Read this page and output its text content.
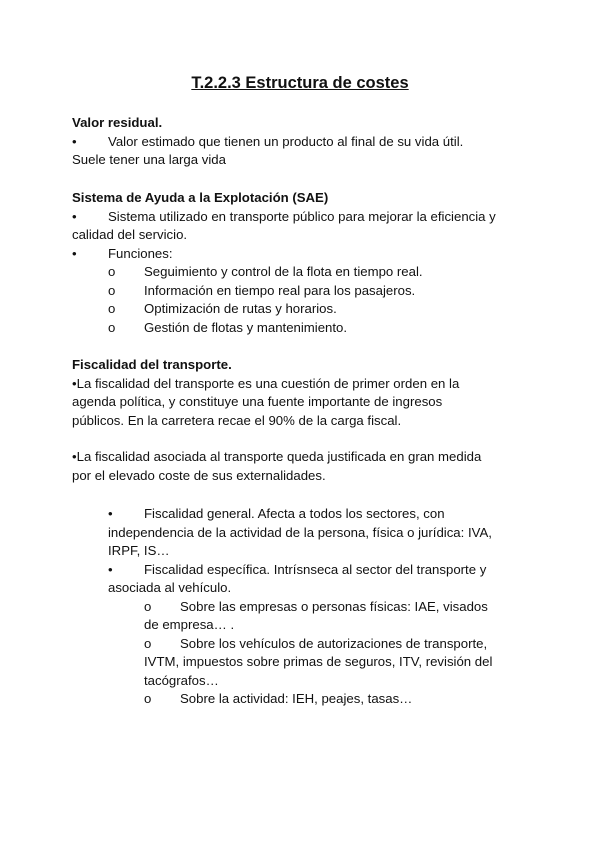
T.2.2.3 Estructura de costes
Valor residual.
• Valor estimado que tienen un producto al final de su vida útil.
Suele tener una larga vida
Sistema de Ayuda a la Explotación (SAE)
• Sistema utilizado en transporte público para mejorar la eficiencia y
calidad del servicio.
• Funciones:
o Seguimiento y control de la flota en tiempo real.
o Información en tiempo real para los pasajeros.
o Optimización de rutas y horarios.
o Gestión de flotas y mantenimiento.
Fiscalidad del transporte.
•La fiscalidad del transporte es una cuestión de primer orden en la
agenda política, y constituye una fuente importante de ingresos
públicos. En la carretera recae el 90% de la carga fiscal.
•La fiscalidad asociada al transporte queda justificada en gran medida
por el elevado coste de sus externalidades.
• Fiscalidad general. Afecta a todos los sectores, con
independencia de la actividad de la persona, física o jurídica: IVA,
IRPF, IS…
• Fiscalidad específica. Intrísnseca al sector del transporte y
asociada al vehículo.
o Sobre las empresas o personas físicas: IAE, visados
de empresa… .
o Sobre los vehículos de autorizaciones de transporte,
IVTM, impuestos sobre primas de seguros, ITV, revisión del
tacógrafos…
o Sobre la actividad: IEH, peajes, tasas…
